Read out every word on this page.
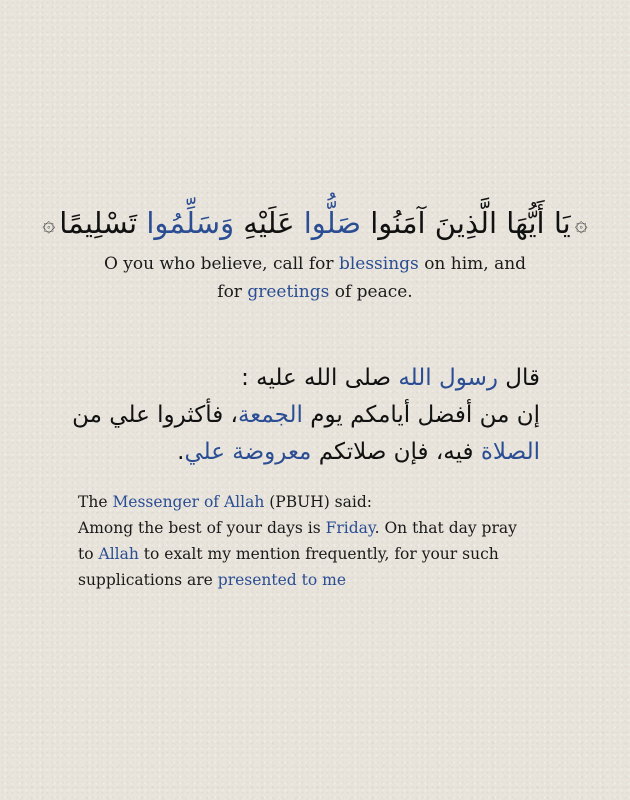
۞يَا أَيُّهَا الَّذِينَ آمَنُوا صَلُّوا عَلَيْهِ وَسَلِّمُوا تَسْلِيمًا۞
O you who believe, call for blessings on him, and
for greetings of peace.
قال رسول الله صلى الله عليه :
إن من أفضل أيامكم يوم الجمعة، فأكثروا علي من
الصلاة فيه، فإن صلاتكم معروضة علي.
The Messenger of Allah (PBUH) said:
Among the best of your days is Friday. On that day pray
to Allah to exalt my mention frequently, for your such
supplications are presented to me
